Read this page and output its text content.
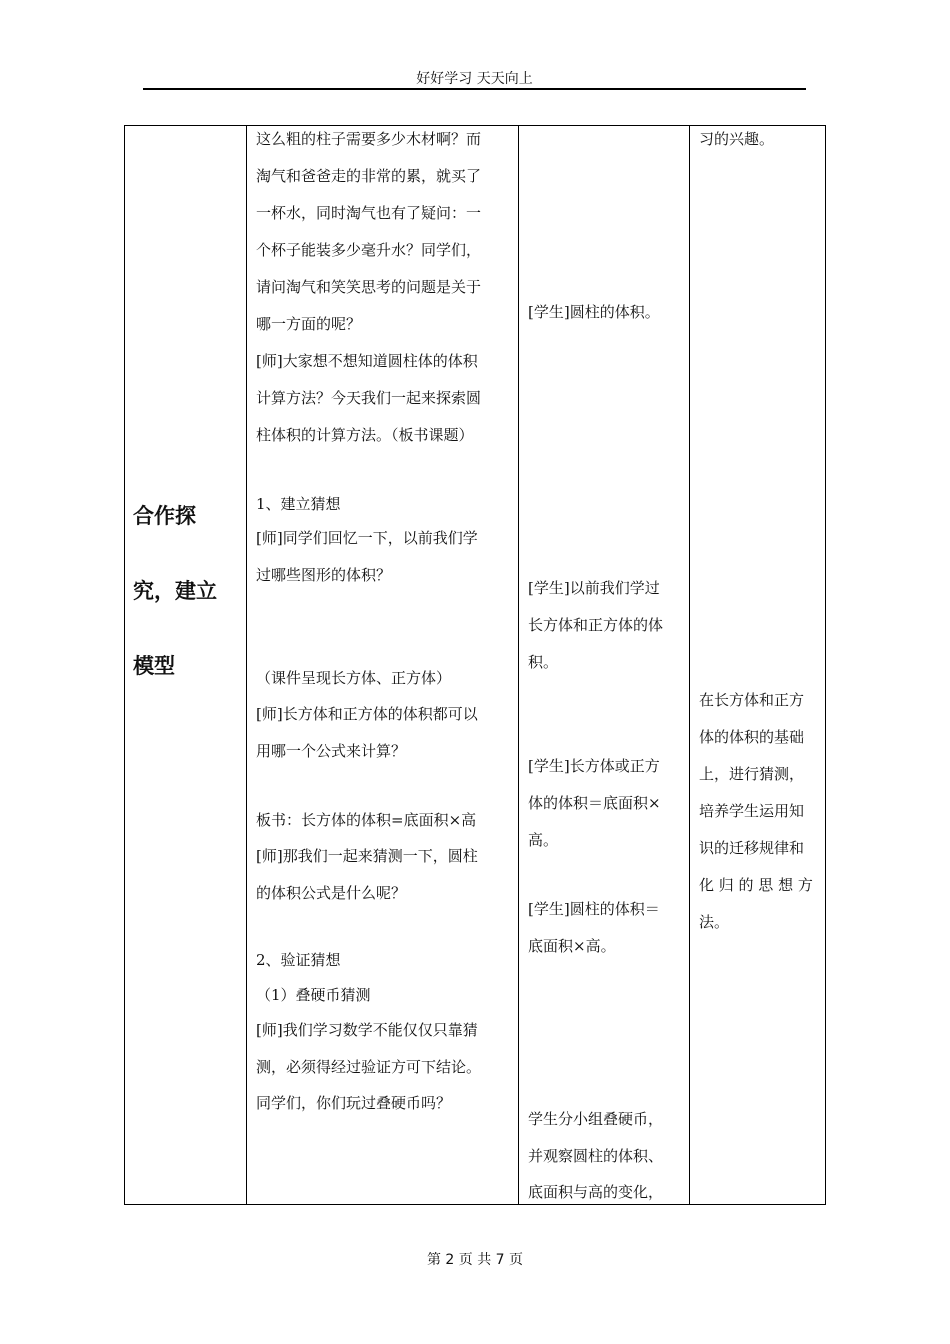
好好学习 天天向上
合作探
究，建立
模型
这么粗的柱子需要多少木材啊？而
淘气和爸爸走的非常的累，就买了
一杯水，同时淘气也有了疑问：一
个杯子能装多少毫升水？同学们，
请问淘气和笑笑思考的问题是关于
哪一方面的呢？
[师]大家想不想知道圆柱体的体积
计算方法？今天我们一起来探索圆
柱体积的计算方法。（板书课题）
1、建立猜想
[师]同学们回忆一下，以前我们学
过哪些图形的体积？
（课件呈现长方体、正方体）
[师]长方体和正方体的体积都可以
用哪一个公式来计算？
板书：长方体的体积=底面积×高
[师]那我们一起来猜测一下，圆柱
的体积公式是什么呢？
2、验证猜想
（1）叠硬币猜测
[师]我们学习数学不能仅仅只靠猜
测，必须得经过验证方可下结论。
同学们，你们玩过叠硬币吗？
[学生]圆柱的体积。
[学生]以前我们学过
长方体和正方体的体
积。
[学生]长方体或正方
体的体积＝底面积×
高。
[学生]圆柱的体积＝
底面积×高。
学生分小组叠硬币，
并观察圆柱的体积、
底面积与高的变化，
习的兴趣。
在长方体和正方
体的体积的基础
上，进行猜测，
培养学生运用知
识的迁移规律和
化 归 的 思 想 方
法。
第 2 页 共 7 页
